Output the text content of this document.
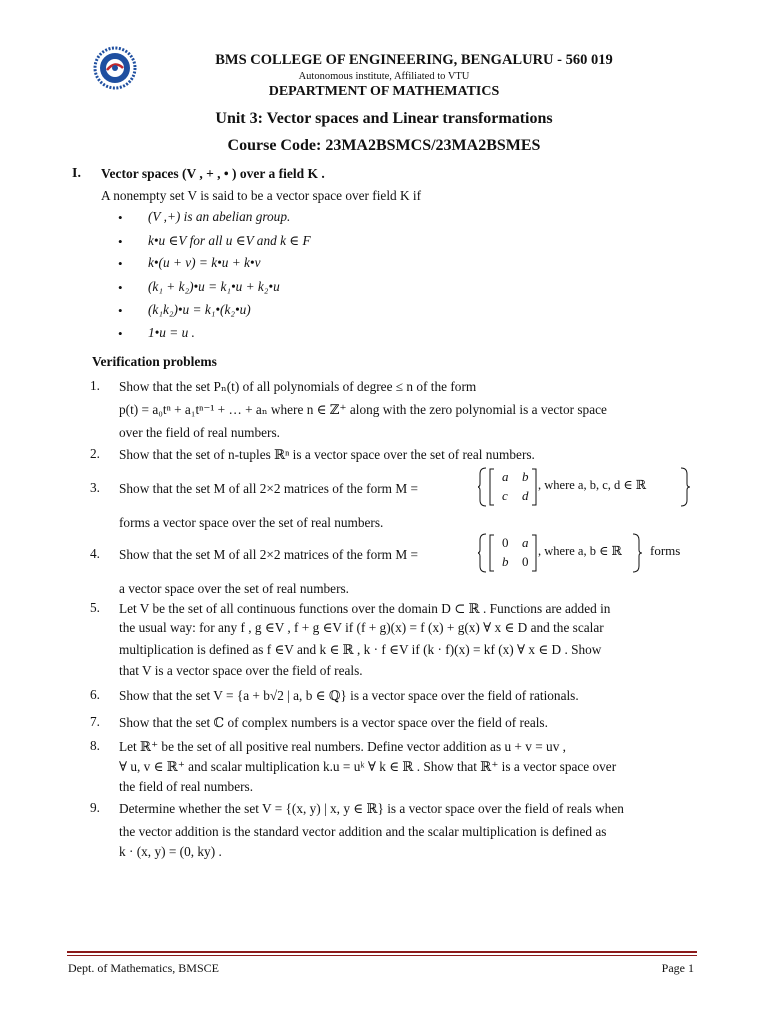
BMS COLLEGE OF ENGINEERING, BENGALURU - 560 019
Autonomous institute, Affiliated to VTU
DEPARTMENT OF MATHEMATICS
Unit 3: Vector spaces and Linear transformations
Course Code: 23MA2BSMCS/23MA2BSMES
I. Vector spaces (V , + , • ) over a field K .
A nonempty set V is said to be a vector space over field K if
• (V ,+) is an abelian group.
• k•u ∈V for all u ∈V and k ∈ F
• k•(u + v) = k•u + k•v
• (k₁ + k₂)•u = k₁•u + k₂•u
• (k₁k₂)•u = k₁•(k₂•u)
• 1•u = u .
Verification problems
1. Show that the set Pₙ(t) of all polynomials of degree ≤ n of the form
p(t) = a₀tⁿ + a₁tⁿ⁻¹ + … + aₙ where n ∈ ℤ⁺ along with the zero polynomial is a vector space
over the field of real numbers.
2. Show that the set of n-tuples ℝⁿ is a vector space over the set of real numbers.
3. Show that the set M of all 2×2 matrices of the form M =
a b
c d
, where a, b, c, d ∈ ℝ
forms a vector space over the set of real numbers.
4. Show that the set M of all 2×2 matrices of the form M =
0 a
b 0
, where a, b ∈ ℝ forms
a vector space over the set of real numbers.
5. Let V be the set of all continuous functions over the domain D ⊂ ℝ . Functions are added in
the usual way: for any f , g ∈V , f + g ∈V if (f + g)(x) = f (x) + g(x) ∀ x ∈ D and the scalar
multiplication is defined as f ∈V and k ∈ ℝ , k · f ∈V if (k · f)(x) = kf (x) ∀ x ∈ D . Show
that V is a vector space over the field of reals.
6. Show that the set V = {a + b√2 | a, b ∈ ℚ} is a vector space over the field of rationals.
7. Show that the set ℂ of complex numbers is a vector space over the field of reals.
8. Let ℝ⁺ be the set of all positive real numbers. Define vector addition as u + v = uv ,
∀ u, v ∈ ℝ⁺ and scalar multiplication k.u = uᵏ ∀ k ∈ ℝ . Show that ℝ⁺ is a vector space over
the field of real numbers.
9. Determine whether the set V = {(x, y) | x, y ∈ ℝ} is a vector space over the field of reals when
the vector addition is the standard vector addition and the scalar multiplication is defined as
k · (x, y) = (0, ky) .
Dept. of Mathematics, BMSCE	Page 1
